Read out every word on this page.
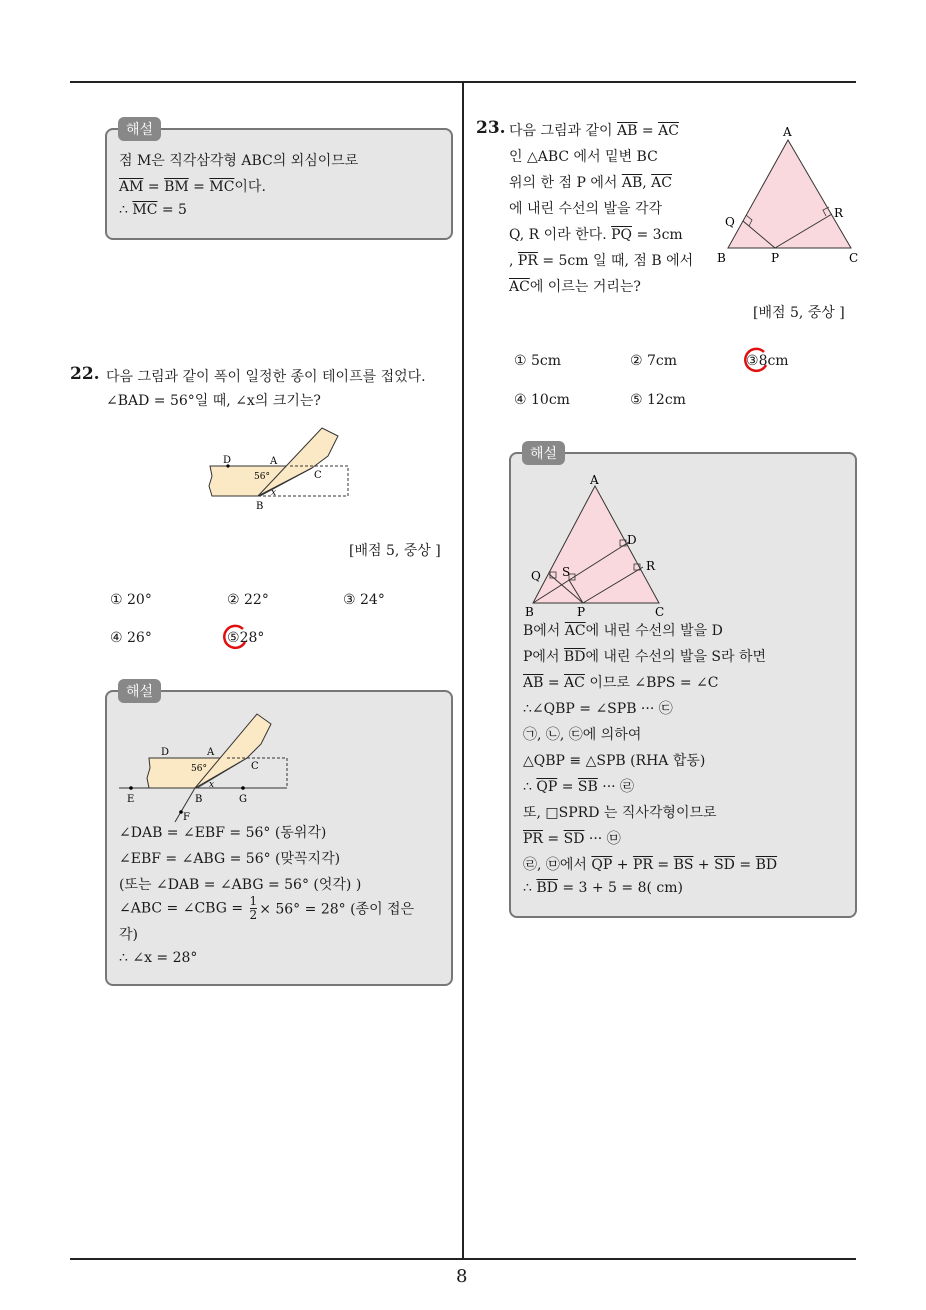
8
점 M은 직각삼각형 ABC의 외심이므로
$\overline{AM} = \overline{BM} = \overline{MC}$이다.
∴ $\overline{MC} = 5$
해설
22. 다음 그림과 같이 폭이 일정한 종이 테이프를 접었다.
∠BAD = 56°일 때, ∠x의 크기는?
D	A
C
B
56°
x
[배점 5, 중상 ]
① 20°	② 22°	③ 24°
④ 26°	⑤28°
D	A
C
E	B	G
F
56°
x
∠DAB = ∠EBF = 56° (동위각)
∠EBF = ∠ABG = 56° (맞꼭지각)
(또는 ∠DAB = ∠ABG = 56° (엇각) )
∠ABC = ∠CBG = $\frac{1}{2} \times 56^\circ = 28^\circ$ (종이 접은
각)
∴ ∠x = 28°
해설
23. 다음 그림과 같이 $\overline{AB} = \overline{AC}$
인 △ABC 에서 밑변 BC
위의 한 점 P 에서 $\overline{AB}$, $\overline{AC}$
에 내린 수선의 발을 각각
Q, R 이라 한다. $\overline{PQ} = 3cm$
, $\overline{PR} = 5cm$ 일 때, 점 B 에서
$\overline{AC}$에 이르는 거리는?
A
Q
R
B	P	C
[배점 5, 중상 ]
① 5cm	② 7cm	③8cm
④ 10cm	⑤ 12cm
A
D
R
Q S
B	P	C
B에서 $\overline{AC}$에 내린 수선의 발을 D
P에서 $\overline{BD}$에 내린 수선의 발을 S라 하면
$\overline{AB} = \overline{AC}$ 이므로 ∠BPS = ∠C
∴∠QBP = ∠SPB ··· ㉢
㉠, ㉡, ㉢에 의하여
△QBP ≡ △SPB (RHA 합동)
∴ $\overline{QP} = \overline{SB}$ ··· ㉣
또, □SPRD 는 직사각형이므로
$\overline{PR} = \overline{SD}$ ··· ㉤
㉣, ㉤에서 $\overline{QP} + \overline{PR} = \overline{BS} + \overline{SD} = \overline{BD}$
∴ $\overline{BD} = 3 + 5 = 8$( cm)
해설
